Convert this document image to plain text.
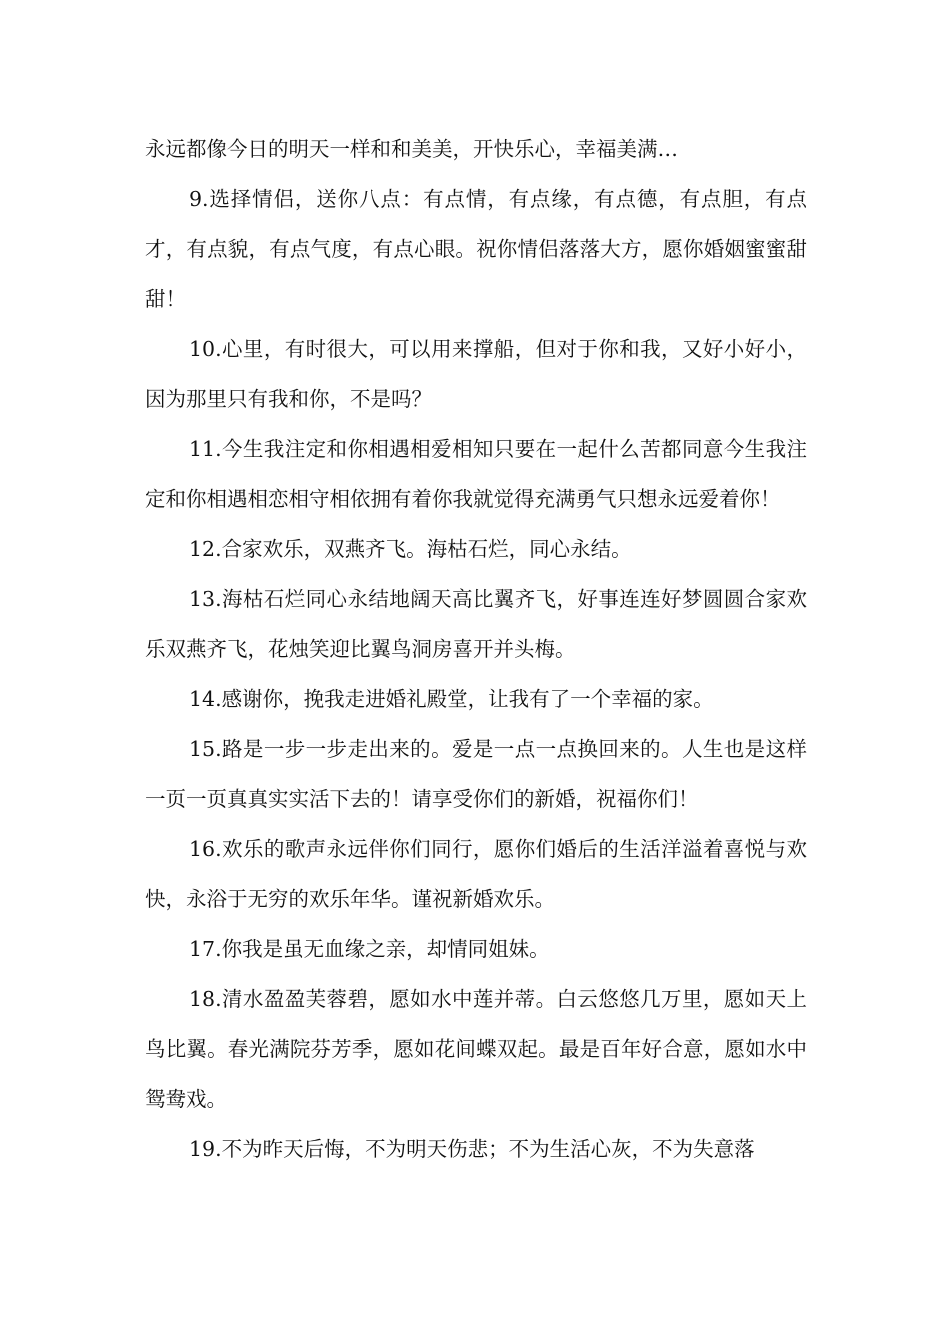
永远都像今日的明天一样和和美美，开快乐心，幸福美满…

9.选择情侣，送你八点：有点情，有点缘，有点德，有点胆，有点才，有点貌，有点气度，有点心眼。祝你情侣落落大方，愿你婚姻蜜蜜甜甜！

10.心里，有时很大，可以用来撑船，但对于你和我，又好小好小，因为那里只有我和你，不是吗？

11.今生我注定和你相遇相爱相知只要在一起什么苦都同意今生我注定和你相遇相恋相守相依拥有着你我就觉得充满勇气只想永远爱着你！

12.合家欢乐，双燕齐飞。海枯石烂，同心永结。

13.海枯石烂同心永结地阔天高比翼齐飞，好事连连好梦圆圆合家欢乐双燕齐飞，花烛笑迎比翼鸟洞房喜开并头梅。

14.感谢你，挽我走进婚礼殿堂，让我有了一个幸福的家。

15.路是一步一步走出来的。爱是一点一点换回来的。人生也是这样一页一页真真实实活下去的！请享受你们的新婚，祝福你们！

16.欢乐的歌声永远伴你们同行，愿你们婚后的生活洋溢着喜悦与欢快，永浴于无穷的欢乐年华。谨祝新婚欢乐。

17.你我是虽无血缘之亲，却情同姐妹。

18.清水盈盈芙蓉碧，愿如水中莲并蒂。白云悠悠几万里，愿如天上鸟比翼。春光满院芬芳季，愿如花间蝶双起。最是百年好合意，愿如水中鸳鸯戏。

19.不为昨天后悔，不为明天伤悲；不为生活心灰，不为失意落
